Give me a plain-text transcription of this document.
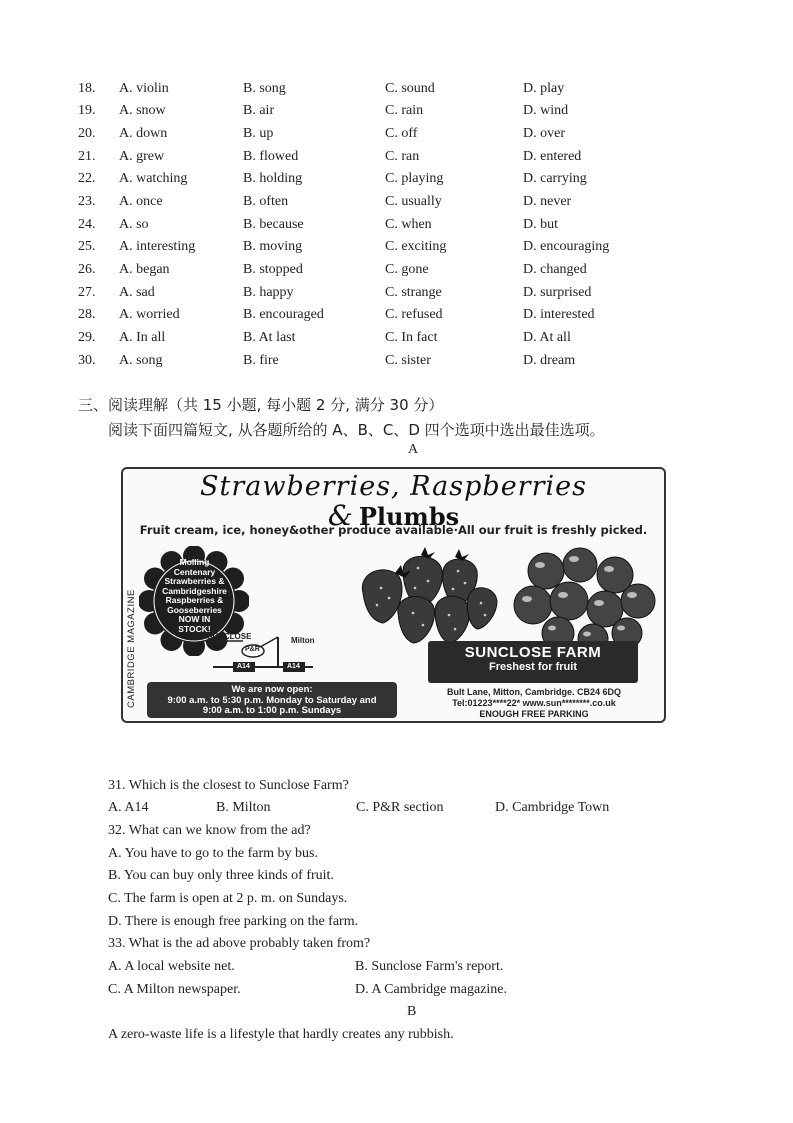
18. A. violin	B. song	C. sound	D. play
19. A. snow	B. air	C. rain	D. wind
20. A. down	B. up	C. off	D. over
21. A. grew	B. flowed	C. ran	D. entered
22. A. watching	B. holding	C. playing	D. carrying
23. A. once	B. often	C. usually	D. never
24. A. so	B. because	C. when	D. but
25. A. interesting	B. moving	C. exciting	D. encouraging
26. A. began	B. stopped	C. gone	D. changed
27. A. sad	B. happy	C. strange	D. surprised
28. A. worried	B. encouraged	C. refused	D. interested
29. A. In all	B. At last	C. In fact	D. At all
30. A. song	B. fire	C. sister	D. dream
三、阅读理解（共 15 小题, 每小题 2 分, 满分 30 分）
阅读下面四篇短文, 从各题所给的 A、B、C、D 四个选项中选出最佳选项。
A
Strawberries, Raspberries
& Plumbs
Fruit cream, ice, honey&other produce available·All our fruit is freshly picked.
CAMBRIDGE MAGAZINE
Molling
Centenary
Strawberries &
Cambridgeshire
Raspberries &
Gooseberries
NOW IN
STOCK!
SUNCLOSE	Milton
P&R
A14	A14
We are now open:
9:00 a.m. to 5:30 p.m. Monday to Saturday and
9:00 a.m. to 1:00 p.m. Sundays
SUNCLOSE FARM
Freshest for fruit
Bult Lane, Mitton, Cambridge. CB24 6DQ
Tel:01223****22* www.sun********.co.uk
ENOUGH FREE PARKING
31. Which is the closest to Sunclose Farm?
A. A14	B. Milton	C. P&R section	D. Cambridge Town
32. What can we know from the ad?
A. You have to go to the farm by bus.
B. You can buy only three kinds of fruit.
C. The farm is open at 2 p. m. on Sundays.
D. There is enough free parking on the farm.
33. What is the ad above probably taken from?
A. A local website net.	B. Sunclose Farm's report.
C. A Milton newspaper.	D. A Cambridge magazine.
B
A zero-waste life is a lifestyle that hardly creates any rubbish.
